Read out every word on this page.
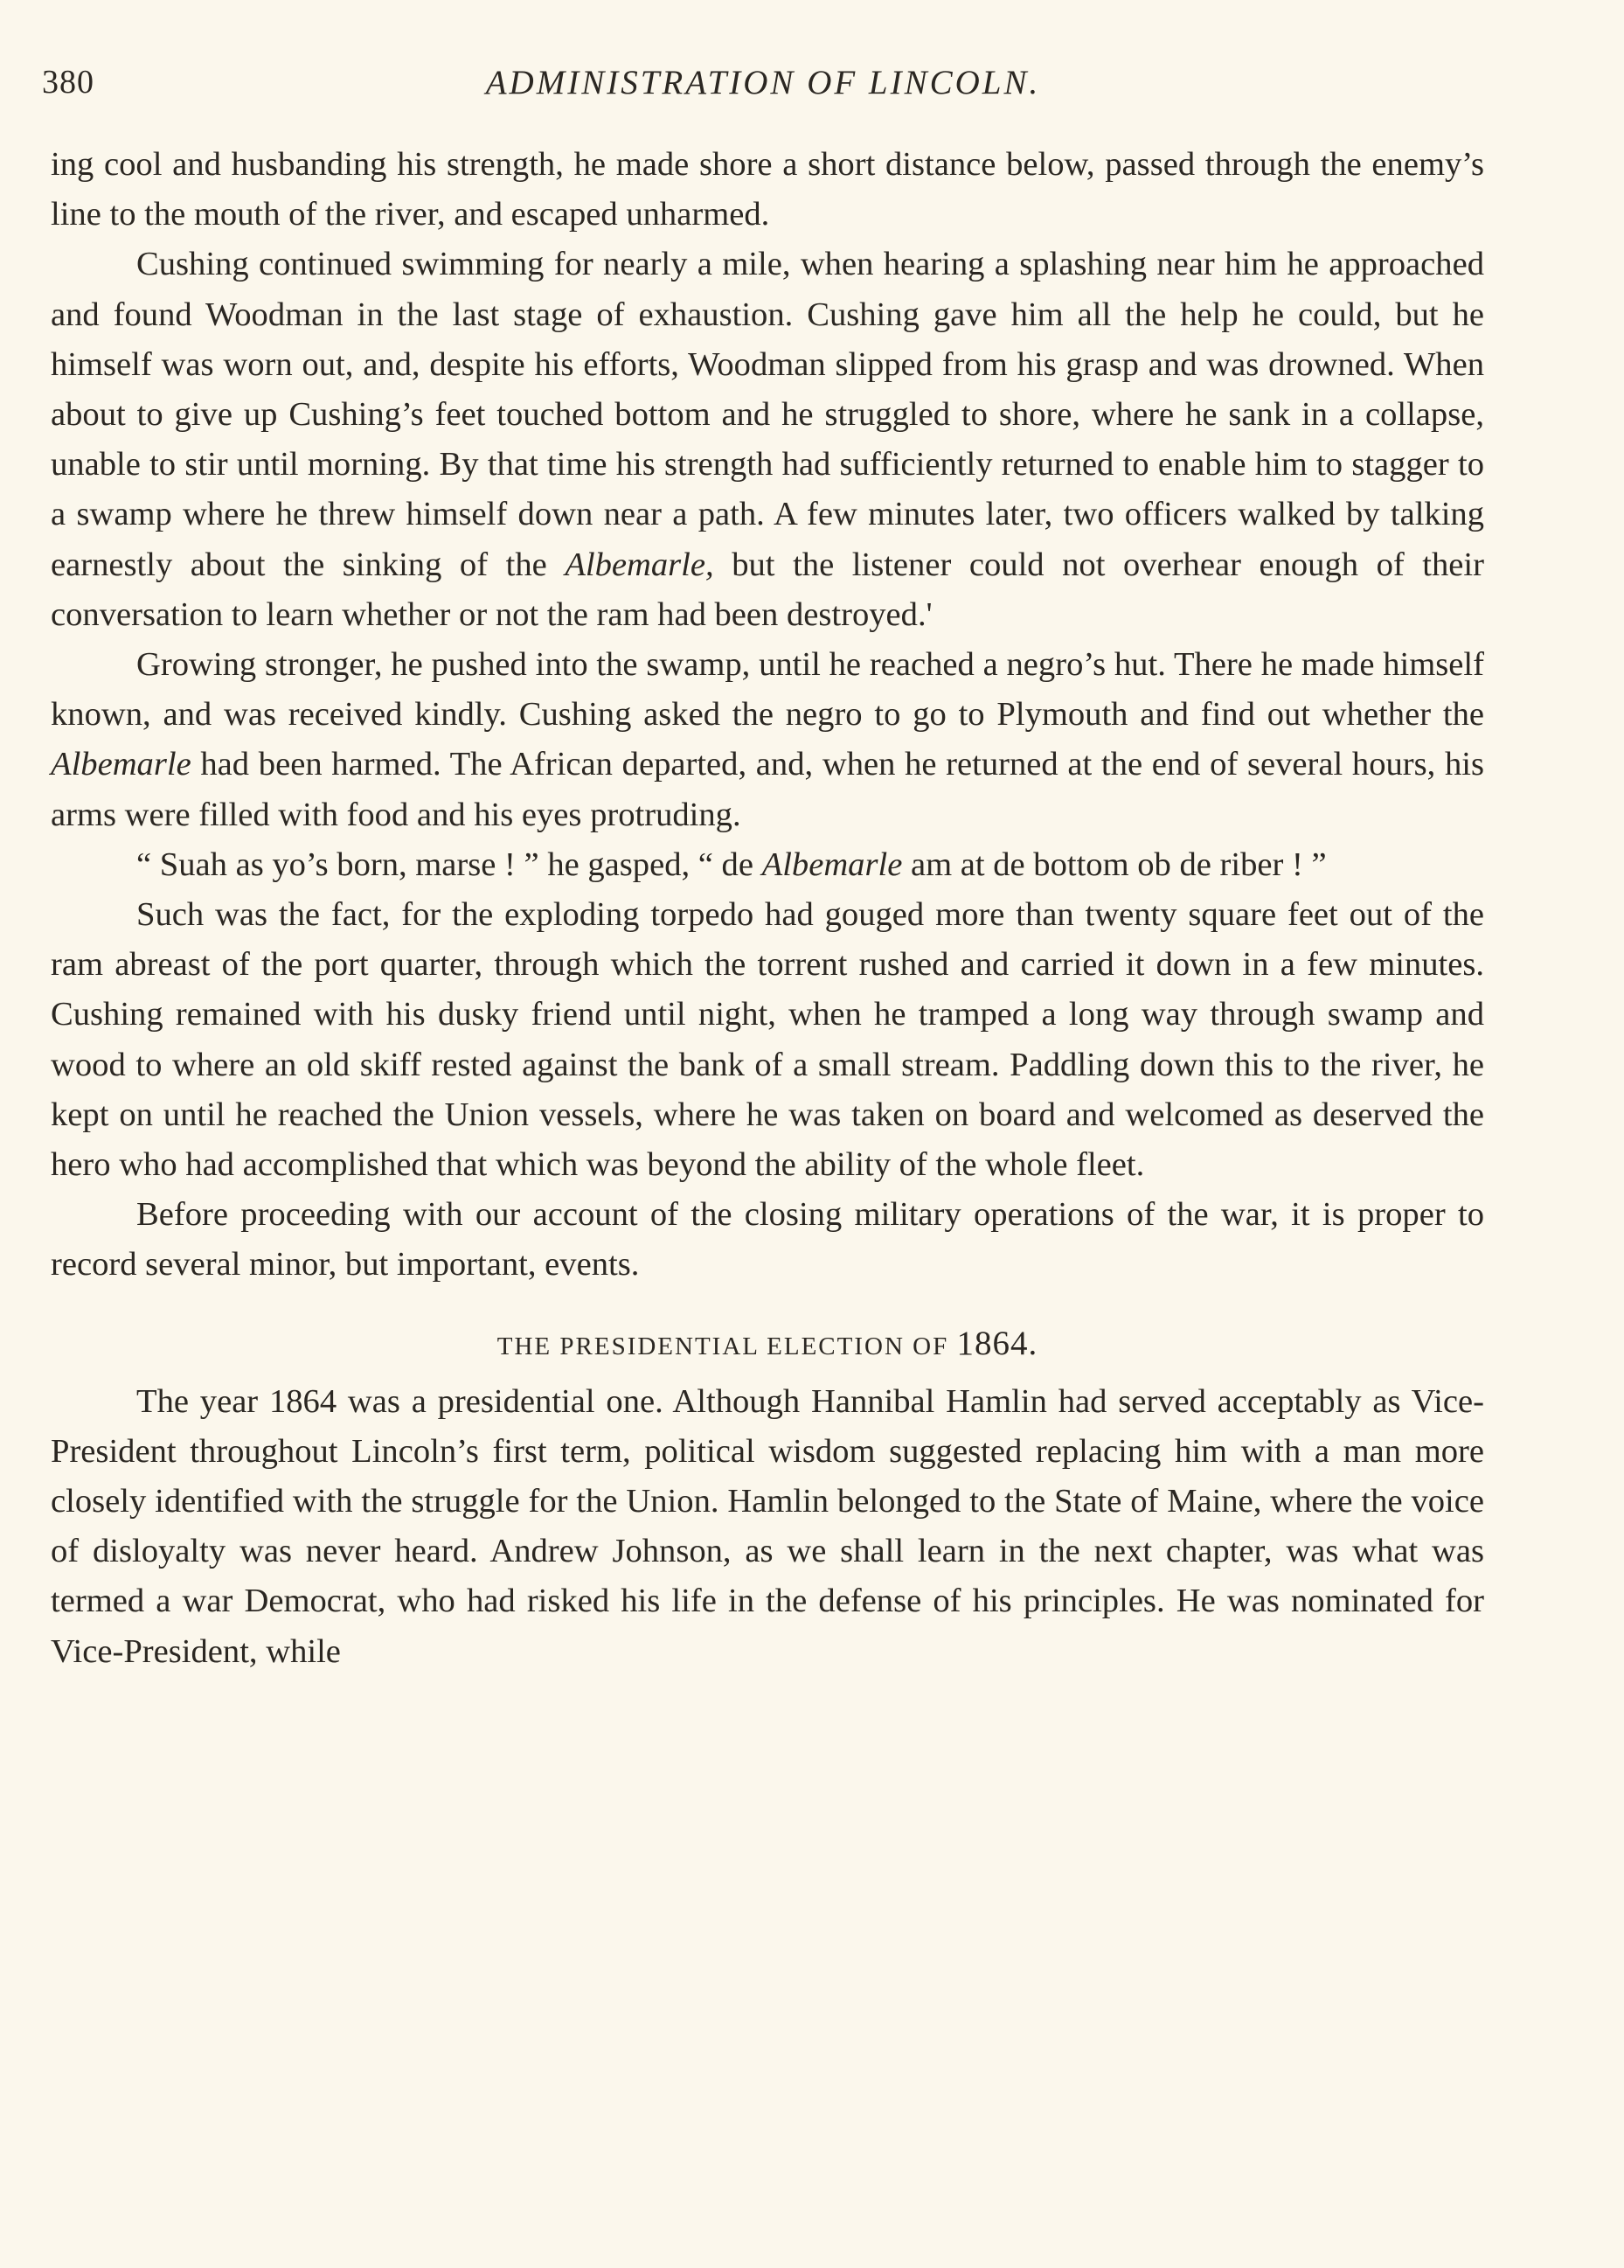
380	ADMINISTRATION OF LINCOLN.

ing cool and husbanding his strength, he made shore a short distance below, passed through the enemy’s line to the mouth of the river, and escaped unharmed.

Cushing continued swimming for nearly a mile, when hearing a splashing near him he approached and found Woodman in the last stage of exhaustion. Cushing gave him all the help he could, but he himself was worn out, and, despite his efforts, Woodman slipped from his grasp and was drowned. When about to give up Cushing’s feet touched bottom and he struggled to shore, where he sank in a collapse, unable to stir until morning. By that time his strength had sufficiently returned to enable him to stagger to a swamp where he threw himself down near a path. A few minutes later, two officers walked by talking earnestly about the sinking of the Albemarle, but the listener could not overhear enough of their conversation to learn whether or not the ram had been destroyed.'

Growing stronger, he pushed into the swamp, until he reached a negro’s hut. There he made himself known, and was received kindly. Cushing asked the negro to go to Plymouth and find out whether the Albemarle had been harmed. The African departed, and, when he returned at the end of several hours, his arms were filled with food and his eyes protruding.

“ Suah as yo’s born, marse ! ” he gasped, “ de Albemarle am at de bottom ob de riber ! ”

Such was the fact, for the exploding torpedo had gouged more than twenty square feet out of the ram abreast of the port quarter, through which the torrent rushed and carried it down in a few minutes. Cushing remained with his dusky friend until night, when he tramped a long way through swamp and wood to where an old skiff rested against the bank of a small stream. Paddling down this to the river, he kept on until he reached the Union vessels, where he was taken on board and welcomed as deserved the hero who had accomplished that which was beyond the ability of the whole fleet.

Before proceeding with our account of the closing military operations of the war, it is proper to record several minor, but important, events.

THE PRESIDENTIAL ELECTION OF 1864.

The year 1864 was a presidential one. Although Hannibal Hamlin had served acceptably as Vice-President throughout Lincoln’s first term, political wisdom suggested replacing him with a man more closely identified with the struggle for the Union. Hamlin belonged to the State of Maine, where the voice of disloyalty was never heard. Andrew Johnson, as we shall learn in the next chapter, was what was termed a war Democrat, who had risked his life in the defense of his principles. He was nominated for Vice-President, while
